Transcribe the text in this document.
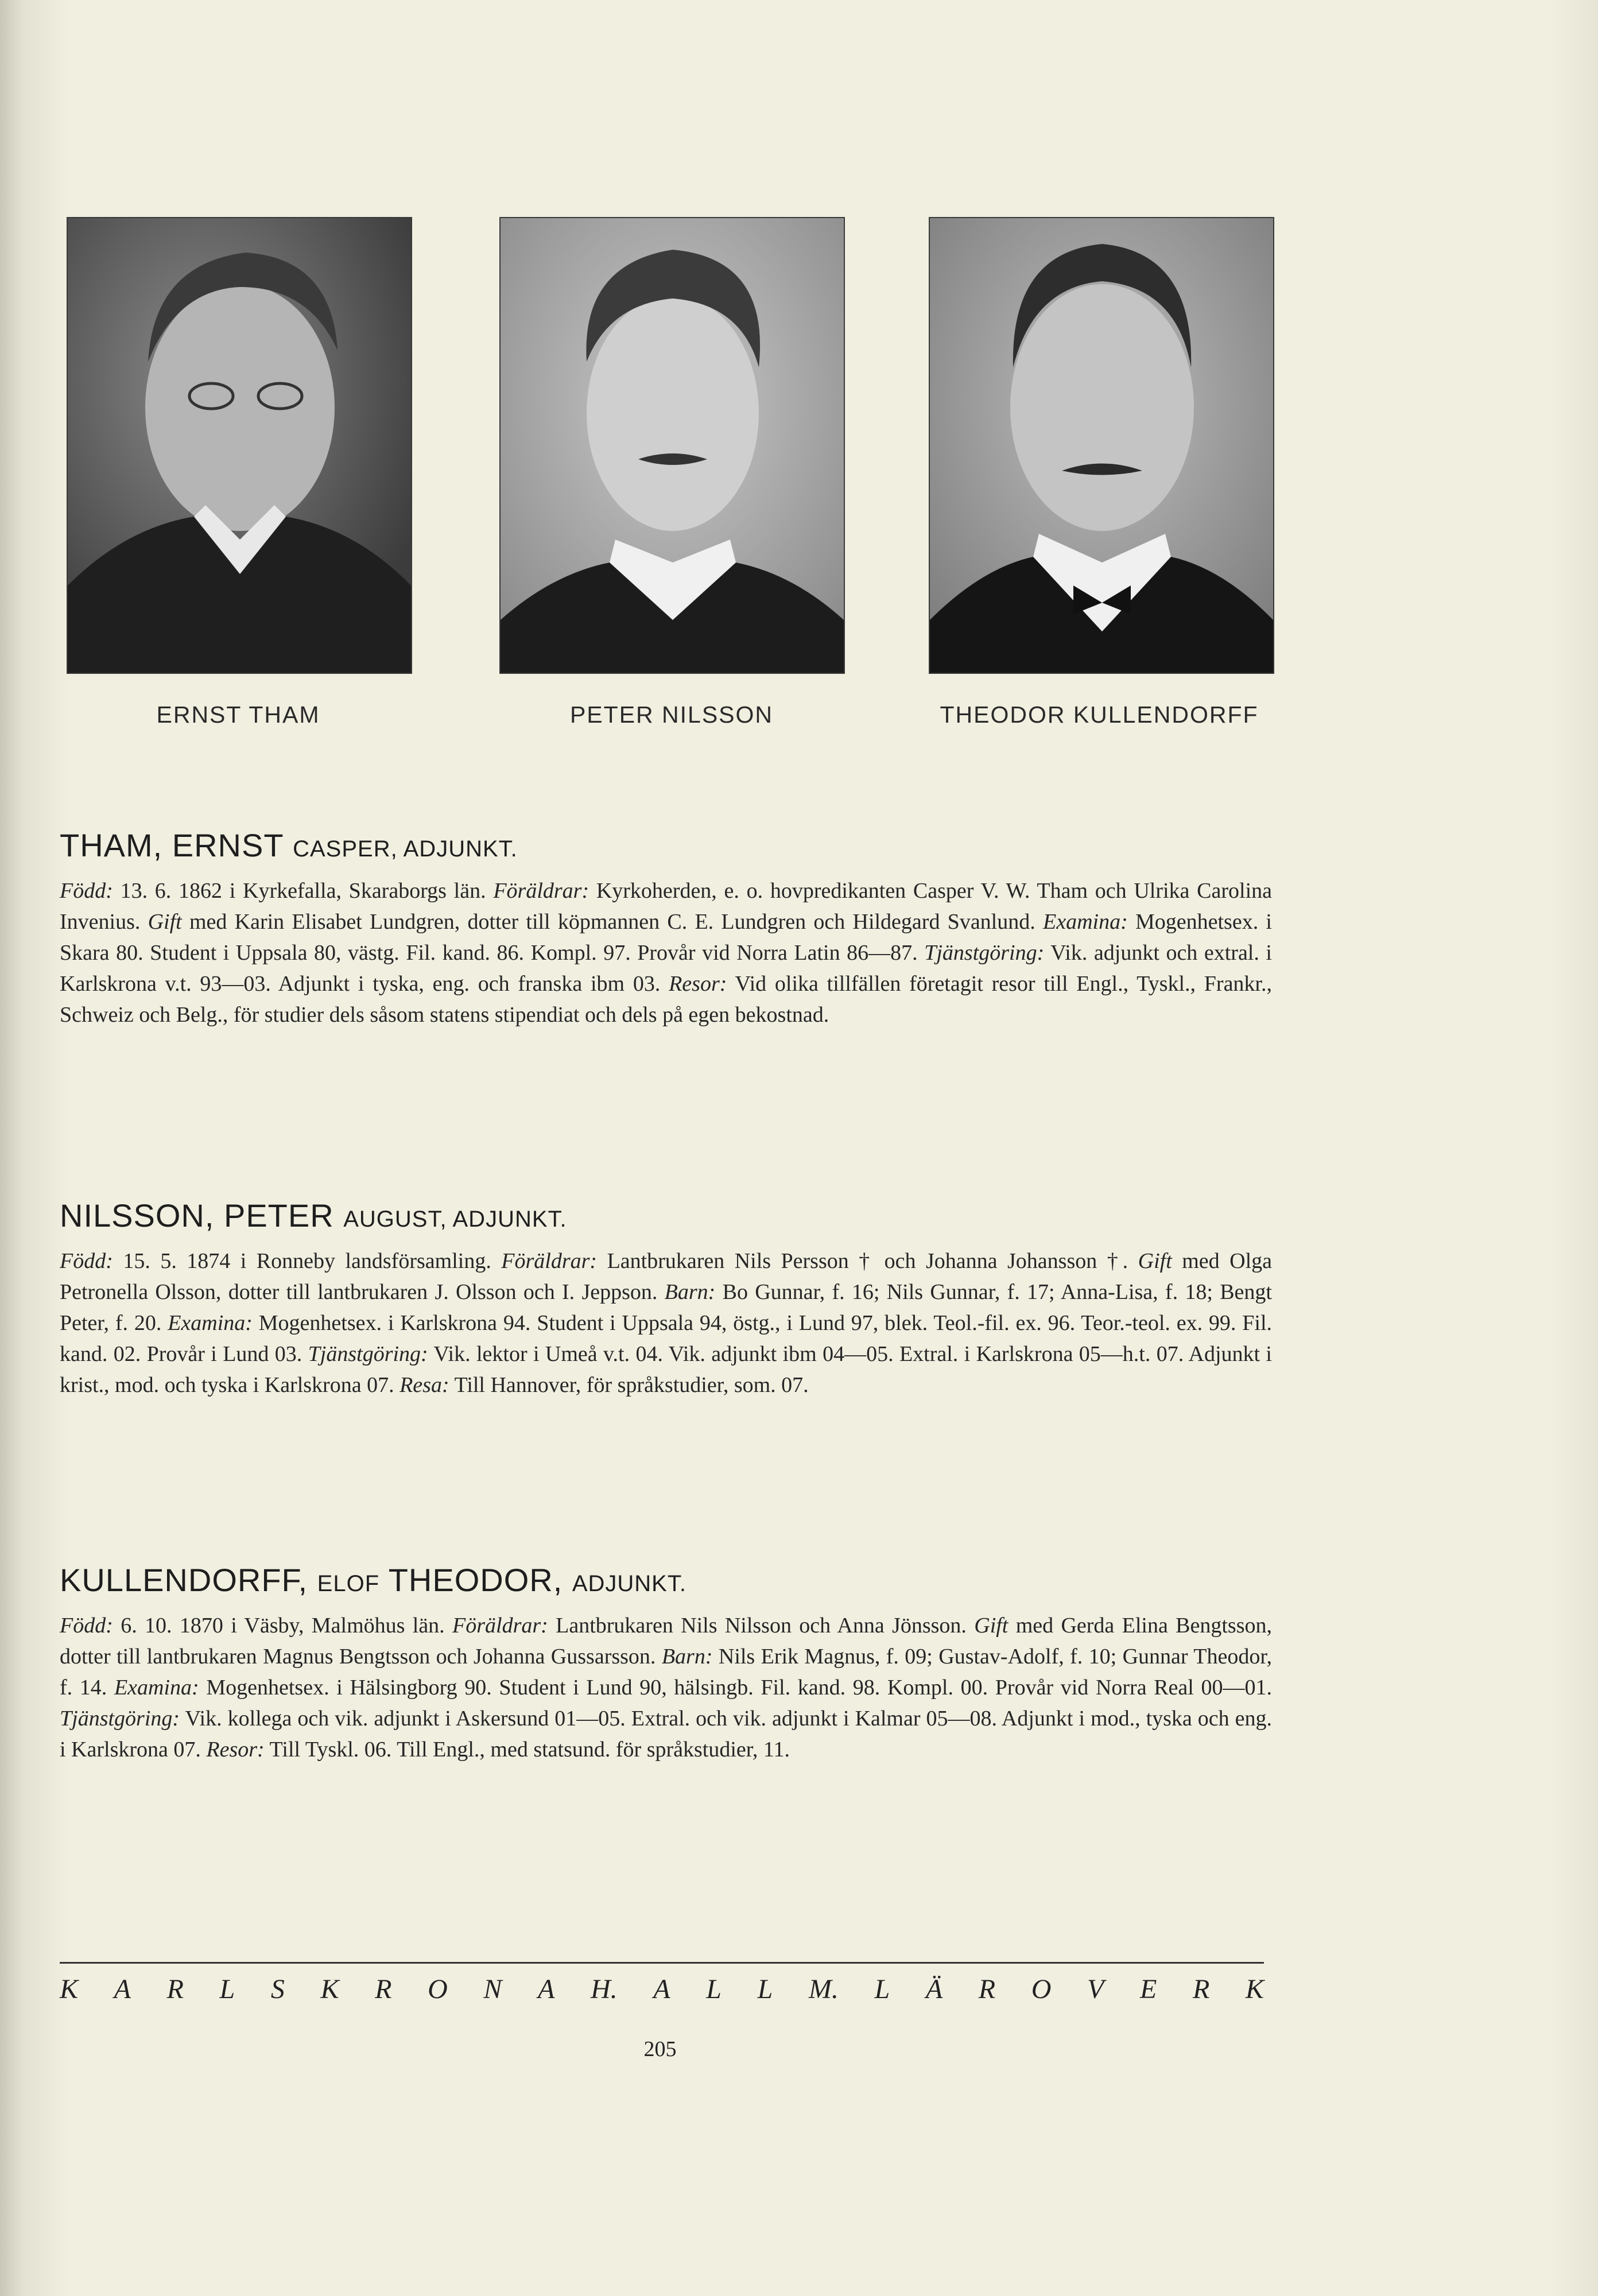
ERNST THAM	PETER NILSSON	THEODOR KULLENDORFF
THAM, ERNST CASPER, ADJUNKT.

Född: 13. 6. 1862 i Kyrkefalla, Skaraborgs län. Föräldrar: Kyrkoherden, e. o. hovpredikanten Casper V. W. Tham och Ulrika Carolina Invenius. Gift med Karin Elisabet Lundgren, dotter till köpmannen C. E. Lundgren och Hildegard Svanlund. Examina: Mogenhetsex. i Skara 80. Student i Uppsala 80, västg. Fil. kand. 86. Kompl. 97. Provår vid Norra Latin 86—87. Tjänstgöring: Vik. adjunkt och extral. i Karlskrona v.t. 93—03. Adjunkt i tyska, eng. och franska ibm 03. Resor: Vid olika tillfällen företagit resor till Engl., Tyskl., Frankr., Schweiz och Belg., för studier dels såsom statens stipendiat och dels på egen bekostnad.

NILSSON, PETER AUGUST, ADJUNKT.

Född: 15. 5. 1874 i Ronneby landsförsamling. Föräldrar: Lantbrukaren Nils Persson † och Johanna Johansson †. Gift med Olga Petronella Olsson, dotter till lantbrukaren J. Olsson och I. Jeppson. Barn: Bo Gunnar, f. 16; Nils Gunnar, f. 17; Anna-Lisa, f. 18; Bengt Peter, f. 20. Examina: Mogenhetsex. i Karlskrona 94. Student i Uppsala 94, östg., i Lund 97, blek. Teol.-fil. ex. 96. Teor.-teol. ex. 99. Fil. kand. 02. Provår i Lund 03. Tjänstgöring: Vik. lektor i Umeå v.t. 04. Vik. adjunkt ibm 04—05. Extral. i Karlskrona 05—h.t. 07. Adjunkt i krist., mod. och tyska i Karlskrona 07. Resa: Till Hannover, för språkstudier, som. 07.

KULLENDORFF, ELOF THEODOR, ADJUNKT.

Född: 6. 10. 1870 i Väsby, Malmöhus län. Föräldrar: Lantbrukaren Nils Nilsson och Anna Jönsson. Gift med Gerda Elina Bengtsson, dotter till lantbrukaren Magnus Bengtsson och Johanna Gussarsson. Barn: Nils Erik Magnus, f. 09; Gustav-Adolf, f. 10; Gunnar Theodor, f. 14. Examina: Mogenhetsex. i Hälsingborg 90. Student i Lund 90, hälsingb. Fil. kand. 98. Kompl. 00. Provår vid Norra Real 00—01. Tjänstgöring: Vik. kollega och vik. adjunkt i Askersund 01—05. Extral. och vik. adjunkt i Kalmar 05—08. Adjunkt i mod., tyska och eng. i Karlskrona 07. Resor: Till Tyskl. 06. Till Engl., med statsund. för språkstudier, 11.

K A R L S K R O N A H. A L L M. L Ä R O V E R K
205
